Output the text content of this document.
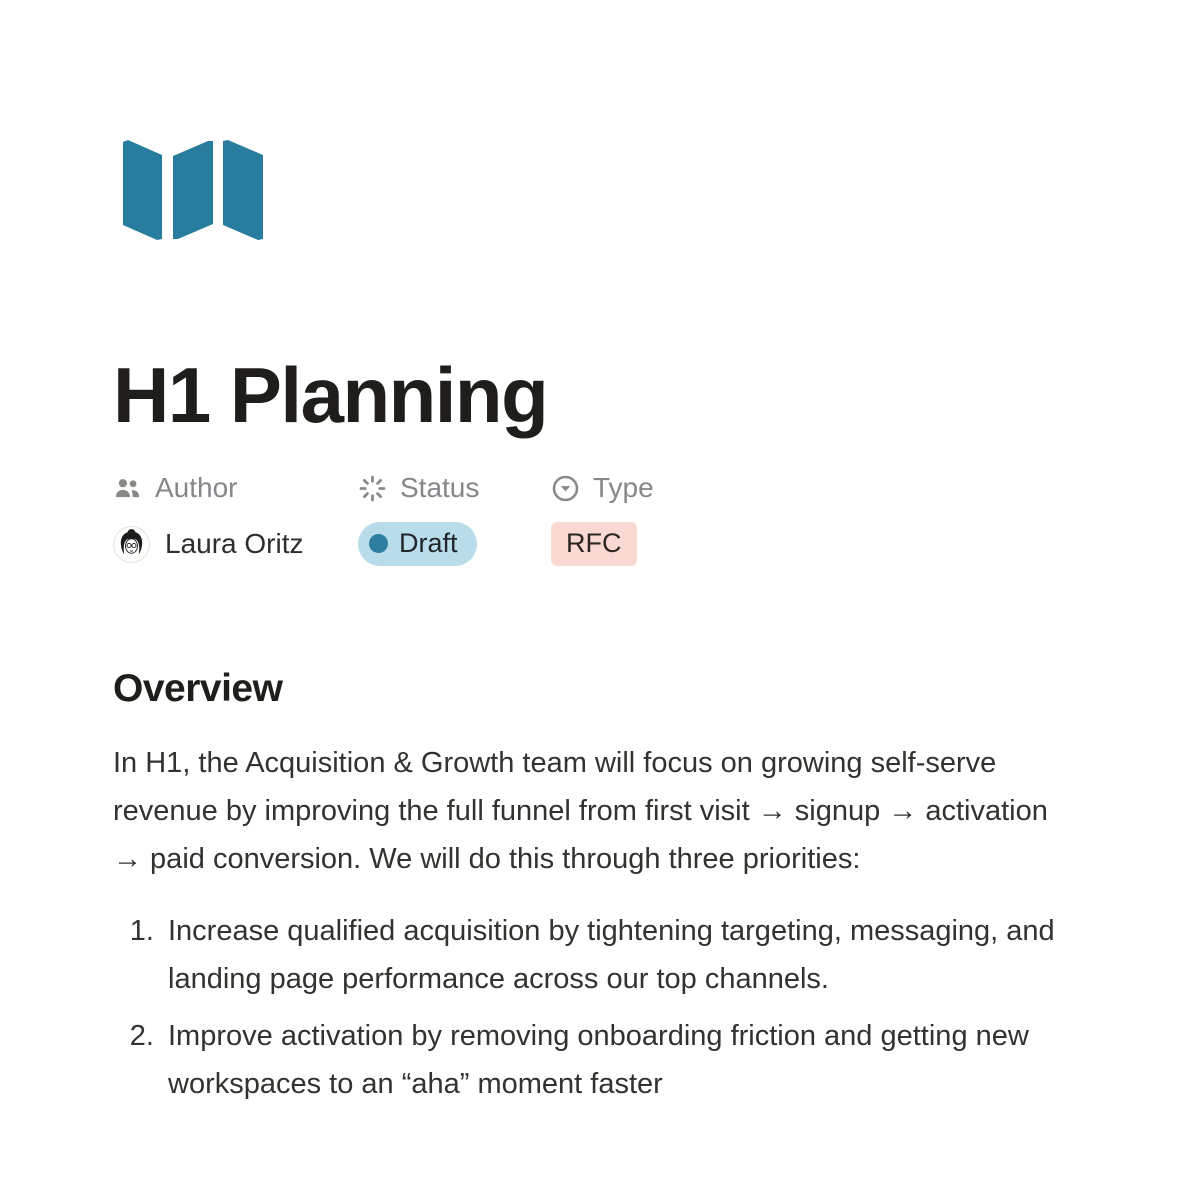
H1 Planning
Author	Status	Type
Laura Oritz	Draft	RFC
Overview

In H1, the Acquisition & Growth team will focus on growing self-serve revenue by improving the full funnel from first visit → signup → activation → paid conversion. We will do this through three priorities:

1. Increase qualified acquisition by tightening targeting, messaging, and landing page performance across our top channels.
2. Improve activation by removing onboarding friction and getting new workspaces to an “aha” moment faster
